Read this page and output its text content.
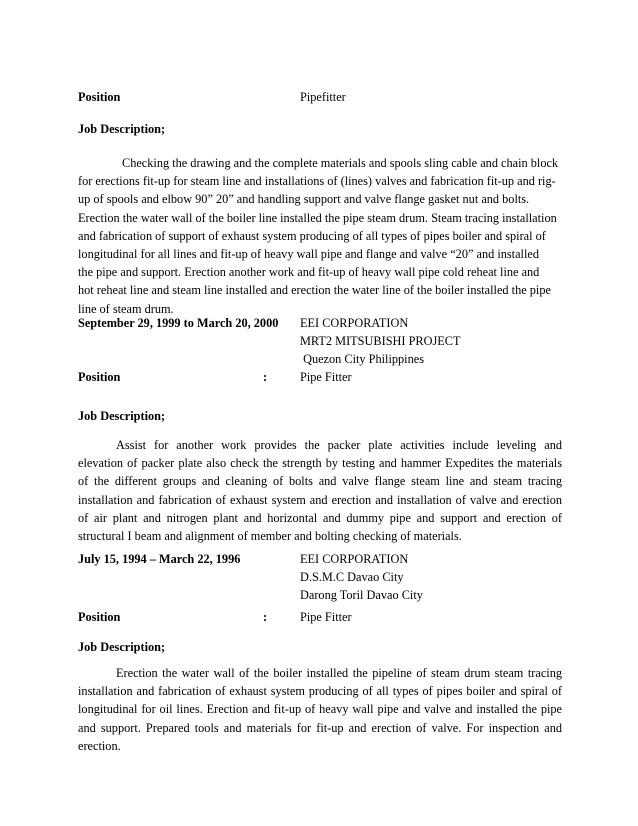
Position	Pipefitter
Job Description;
Checking the drawing and the complete materials and spools sling cable and chain block
for erections fit-up for steam line and installations of (lines) valves and fabrication fit-up and rig-
up of spools and elbow 90” 20” and handling support and valve flange gasket nut and bolts.
Erection the water wall of the boiler line installed the pipe steam drum. Steam tracing installation
and fabrication of support of exhaust system producing of all types of pipes boiler and spiral of
longitudinal for all lines and fit-up of heavy wall pipe and flange and valve “20” and installed
the pipe and support. Erection another work and fit-up of heavy wall pipe cold reheat line and
hot reheat line and steam line installed and erection the water line of the boiler installed the pipe
line of steam drum.
September 29, 1999 to March 20, 2000 EEI CORPORATION
MRT2 MITSUBISHI PROJECT
Quezon City Philippines
Position	:	Pipe Fitter
Job Description;
Assist for another work provides the packer plate activities include leveling and
elevation of packer plate also check the strength by testing and hammer Expedites the materials
of the different groups and cleaning of bolts and valve flange steam line and steam tracing
installation and fabrication of exhaust system and erection and installation of valve and erection
of air plant and nitrogen plant and horizontal and dummy pipe and support and erection of
structural I beam and alignment of member and bolting checking of materials.
July 15, 1994 – March 22, 1996	EEI CORPORATION
D.S.M.C Davao City
Darong Toril Davao City
Position	:	Pipe Fitter
Job Description;
Erection the water wall of the boiler installed the pipeline of steam drum steam tracing
installation and fabrication of exhaust system producing of all types of pipes boiler and spiral of
longitudinal for oil lines. Erection and fit-up of heavy wall pipe and valve and installed the pipe
and support. Prepared tools and materials for fit-up and erection of valve. For inspection and
erection.
